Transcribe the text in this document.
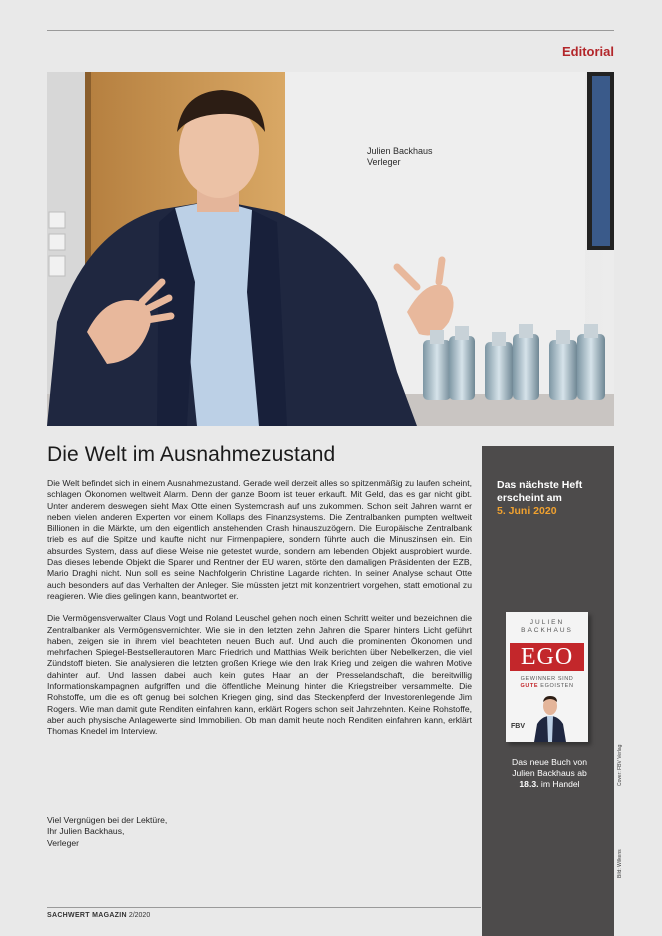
Editorial
Julien Backhaus
Verleger
Die Welt im Ausnahmezustand

Die Welt befindet sich in einem Ausnahmezustand. Gerade weil derzeit alles so spitzenmäßig zu laufen scheint, schlagen Ökonomen weltweit Alarm. Denn der ganze Boom ist teuer erkauft. Mit Geld, das es gar nicht gibt. Unter anderem deswegen sieht Max Otte einen Systemcrash auf uns zukommen. Schon seit Jahren warnt er neben vielen anderen Experten vor einem Kollaps des Finanzsystems. Die Zentralbanken pumpten weltweit Billionen in die Märkte, um den eigentlich anstehenden Crash hinauszuzögern. Die Europäische Zentralbank trieb es auf die Spitze und kaufte nicht nur Firmenpapiere, sondern führte auch die Minuszinsen ein. Ein absurdes System, dass auf diese Weise nie getestet wurde, sondern am lebenden Objekt ausprobiert wurde. Das dieses lebende Objekt die Sparer und Rentner der EU waren, störte den damaligen Präsidenten der EZB, Mario Draghi nicht. Nun soll es seine Nachfolgerin Christine Lagarde richten. In seiner Analyse schaut Otte auch besonders auf das Verhalten der Anleger. Sie müssten jetzt mit konzentriert vorgehen, statt emotional zu reagieren. Wie dies gelingen kann, beantwortet er.

Die Vermögensverwalter Claus Vogt und Roland Leuschel gehen noch einen Schritt weiter und bezeichnen die Zentralbanker als Vermögensvernichter. Wie sie in den letzten zehn Jahren die Sparer hinters Licht geführt haben, zeigen sie in ihrem viel beachteten neuen Buch auf. Und auch die prominenten Ökonomen und mehrfachen Spiegel-Bestsellerautoren Marc Friedrich und Matthias Weik berichten über Nebelkerzen, die viel Zündstoff bieten. Sie analysieren die letzten großen Kriege wie den Irak Krieg und zeigen die wahren Motive dahinter auf. Und lassen dabei auch kein gutes Haar an der Presselandschaft, die bereitwillig Informationskampagnen aufgriffen und die öffentliche Meinung hinter die Kriegstreiber versammelte. Die Rohstoffe, um die es oft genug bei solchen Kriegen ging, sind das Steckenpferd der Investorenlegende Jim Rogers. Wie man damit gute Renditen einfahren kann, erklärt Rogers schon seit Jahrzehnten. Keine Rohstoffe, aber auch physische Anlagewerte sind Immobilien. Ob man damit heute noch Renditen einfahren kann, erklärt Thomas Knedel im Interview.

Viel Vergnügen bei der Lektüre,
Ihr Julien Backhaus,
Verleger
Das nächste Heft
erscheint am
5. Juni 2020
JULIEN BACKHAUS
EGO
GEWINNER SIND
GUTE EGOISTEN
FBV
Das neue Buch von
Julien Backhaus ab
18.3. im Handel	Cover: FBV Verlag
Bild: Wilkens
SACHWERT MAGAZIN 2/2020
